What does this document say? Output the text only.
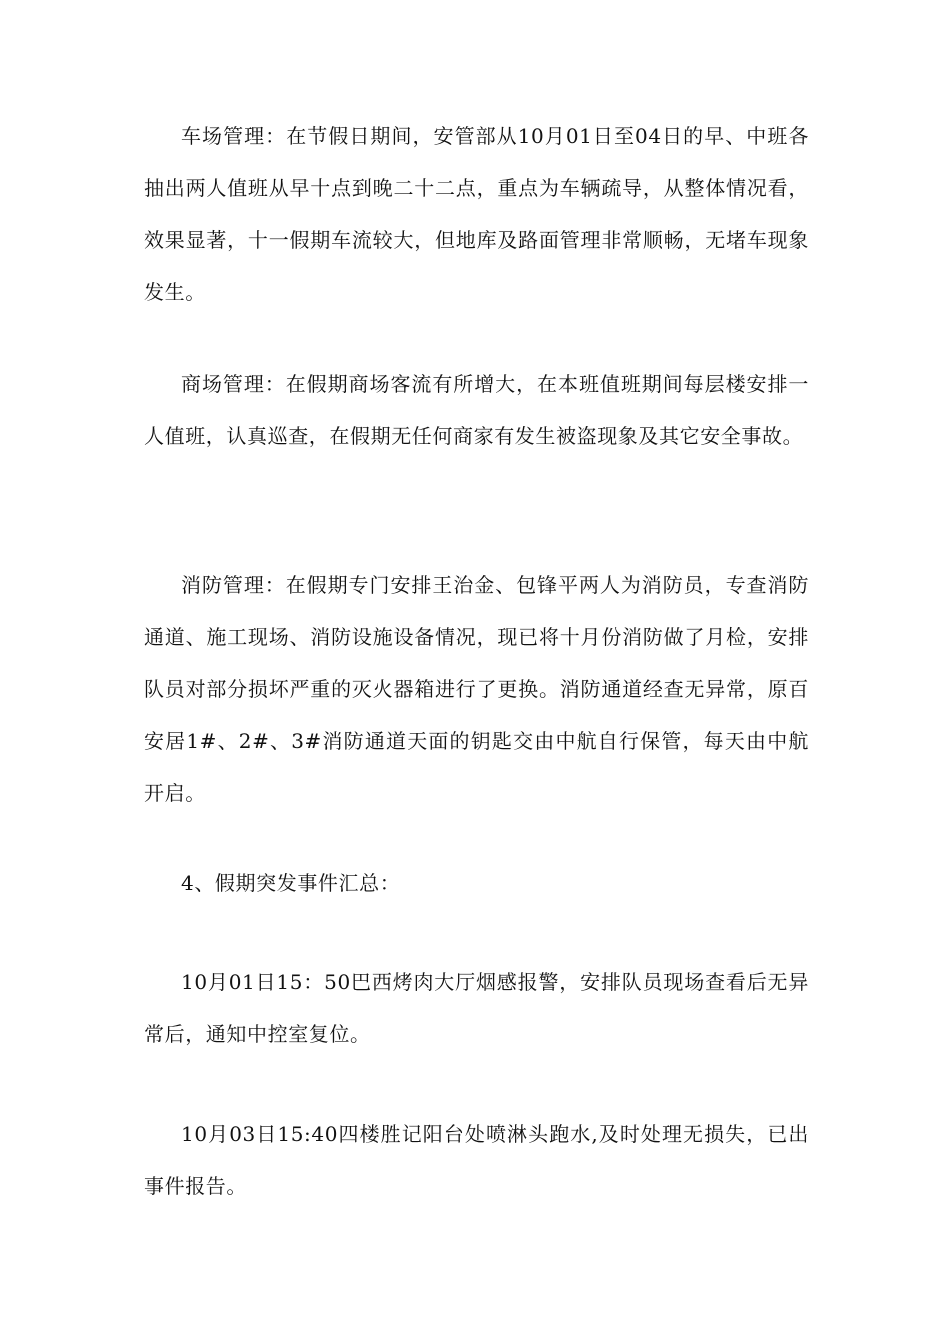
车场管理：在节假日期间，安管部从10月01日至04日的早、中班各抽出两人值班从早十点到晚二十二点，重点为车辆疏导，从整体情况看，效果显著，十一假期车流较大，但地库及路面管理非常顺畅，无堵车现象发生。

商场管理：在假期商场客流有所增大，在本班值班期间每层楼安排一人值班，认真巡查，在假期无任何商家有发生被盗现象及其它安全事故。

消防管理：在假期专门安排王治金、包锋平两人为消防员，专查消防通道、施工现场、消防设施设备情况，现已将十月份消防做了月检，安排队员对部分损坏严重的灭火器箱进行了更换。消防通道经查无异常，原百安居1#、2#、3#消防通道天面的钥匙交由中航自行保管，每天由中航开启。

4、假期突发事件汇总：

10月01日15：50巴西烤肉大厅烟感报警，安排队员现场查看后无异常后，通知中控室复位。

10月03日15:40四楼胜记阳台处喷淋头跑水,及时处理无损失，已出事件报告。
